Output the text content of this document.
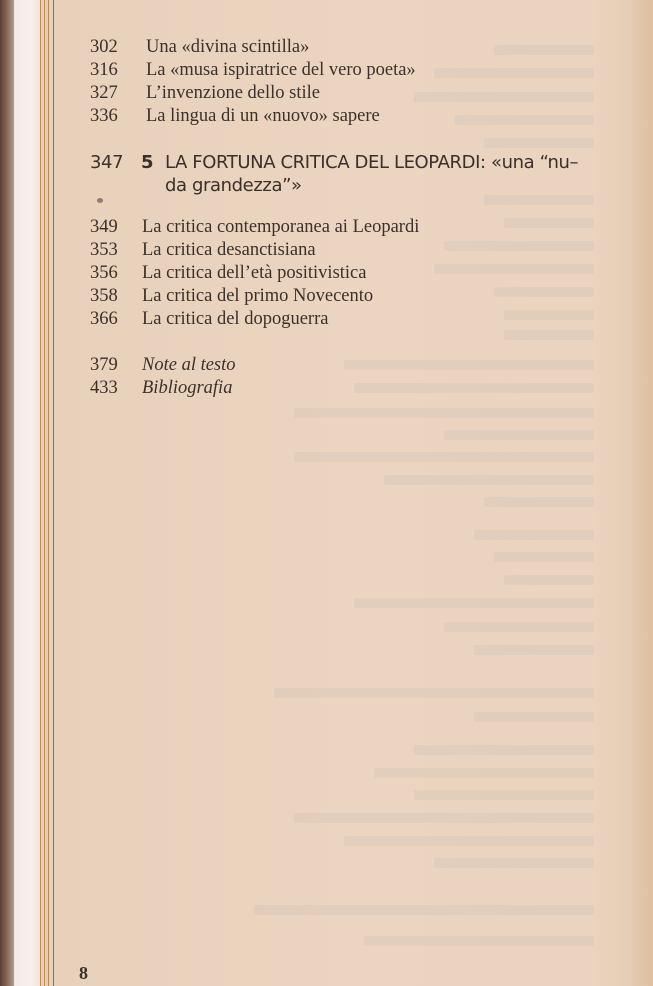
302	Una «divina scintilla»
316	La «musa ispiratrice del vero poeta»
327	L’invenzione dello stile
336	La lingua di un «nuovo» sapere
347 5 LA FORTUNA CRITICA DEL LEOPARDI: «una “nu–
da grandezza”»
349	La critica contemporanea ai Leopardi
353	La critica desanctisiana
356	La critica dell’età positivistica
358	La critica del primo Novecento
366	La critica del dopoguerra
379	Note al testo
433	Bibliografia
8
